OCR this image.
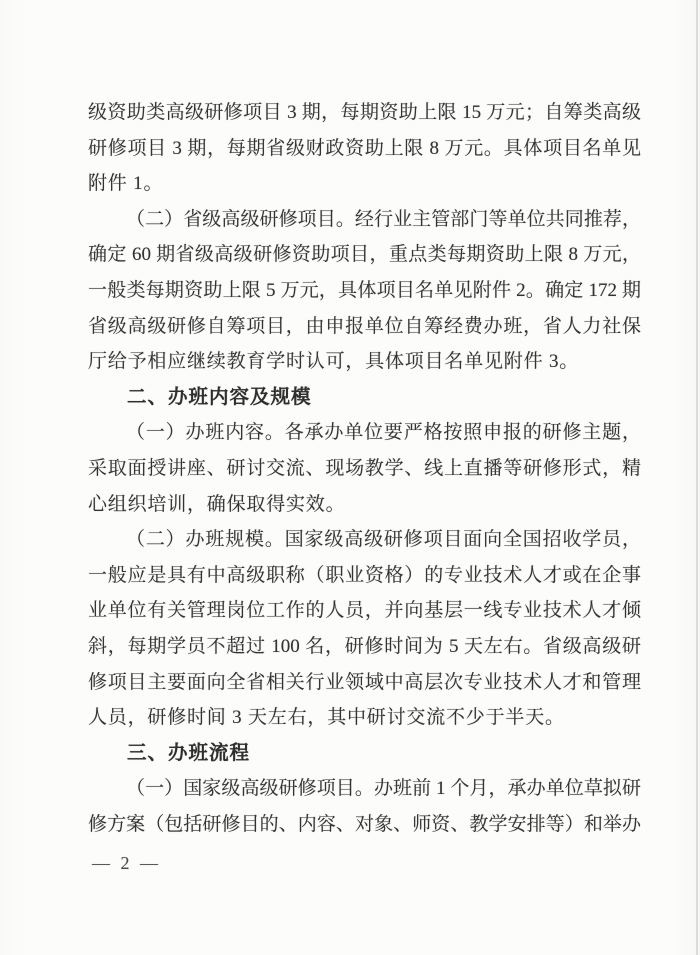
级资助类高级研修项目 3 期，每期资助上限 15 万元；自筹类高级
研修项目 3 期，每期省级财政资助上限 8 万元。具体项目名单见
附件 1。
（二）省级高级研修项目。经行业主管部门等单位共同推荐，
确定 60 期省级高级研修资助项目，重点类每期资助上限 8 万元，
一般类每期资助上限 5 万元，具体项目名单见附件 2。确定 172 期
省级高级研修自筹项目，由申报单位自筹经费办班，省人力社保
厅给予相应继续教育学时认可，具体项目名单见附件 3。
二、办班内容及规模
（一）办班内容。各承办单位要严格按照申报的研修主题，
采取面授讲座、研讨交流、现场教学、线上直播等研修形式，精
心组织培训，确保取得实效。
（二）办班规模。国家级高级研修项目面向全国招收学员，
一般应是具有中高级职称（职业资格）的专业技术人才或在企事
业单位有关管理岗位工作的人员，并向基层一线专业技术人才倾
斜，每期学员不超过 100 名，研修时间为 5 天左右。省级高级研
修项目主要面向全省相关行业领域中高层次专业技术人才和管理
人员，研修时间 3 天左右，其中研讨交流不少于半天。
三、办班流程
（一）国家级高级研修项目。办班前 1 个月，承办单位草拟研
修方案（包括研修目的、内容、对象、师资、教学安排等）和举办
— 2 —
